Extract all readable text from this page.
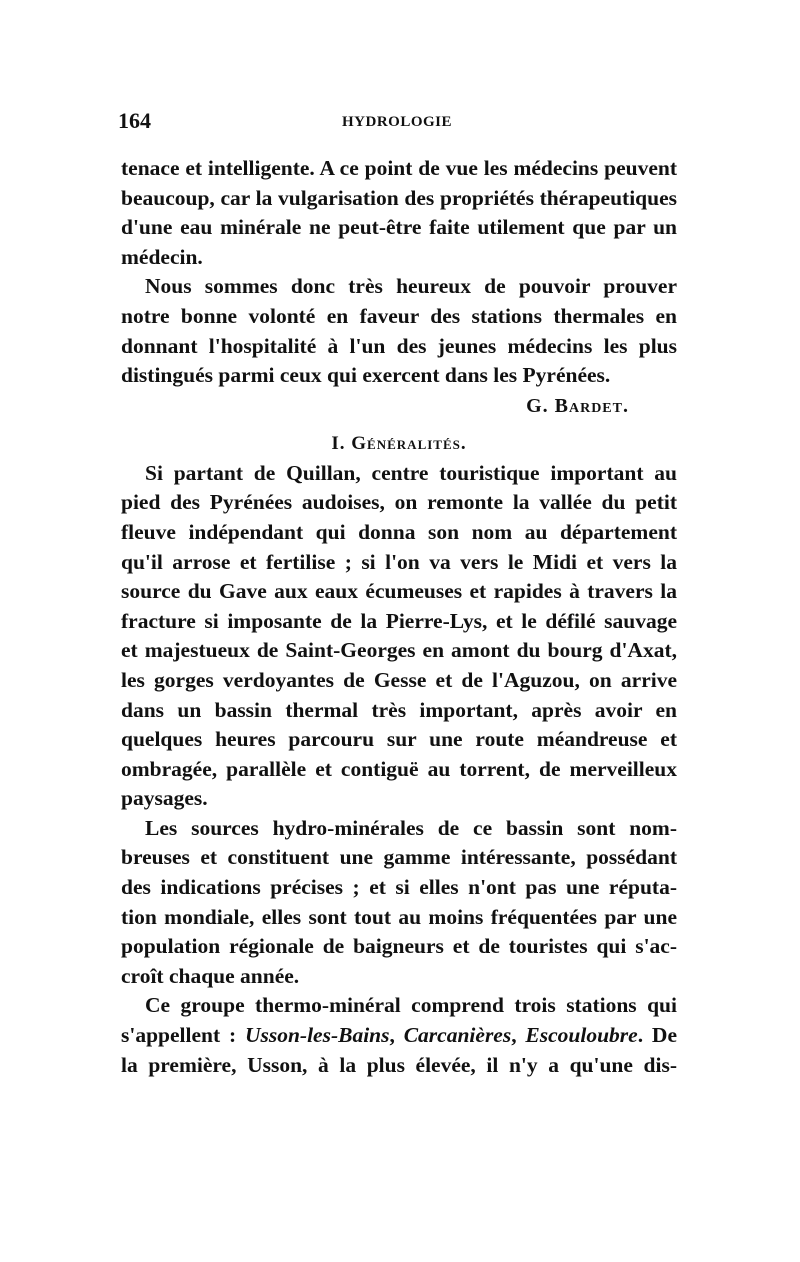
164	HYDROLOGIE
tenace et intelligente. A ce point de vue les médecins peuvent
beaucoup, car la vulgarisation des propriétés thérapeutiques
d'une eau minérale ne peut-être faite utilement que par un
médecin.
Nous sommes donc très heureux de pouvoir prouver
notre bonne volonté en faveur des stations thermales en
donnant l'hospitalité à l'un des jeunes médecins les plus
distingués parmi ceux qui exercent dans les Pyrénées.
G. Bardet.
I. Généralités.
Si partant de Quillan, centre touristique important au
pied des Pyrénées audoises, on remonte la vallée du petit
fleuve indépendant qui donna son nom au département
qu'il arrose et fertilise ; si l'on va vers le Midi et vers la
source du Gave aux eaux écumeuses et rapides à travers la
fracture si imposante de la Pierre-Lys, et le défilé sauvage
et majestueux de Saint-Georges en amont du bourg d'Axat,
les gorges verdoyantes de Gesse et de l'Aguzou, on arrive
dans un bassin thermal très important, après avoir en
quelques heures parcouru sur une route méandreuse et
ombragée, parallèle et contiguë au torrent, de merveilleux
paysages.
Les sources hydro-minérales de ce bassin sont nom-
breuses et constituent une gamme intéressante, possédant
des indications précises ; et si elles n'ont pas une réputa-
tion mondiale, elles sont tout au moins fréquentées par une
population régionale de baigneurs et de touristes qui s'ac-
croît chaque année.
Ce groupe thermo-minéral comprend trois stations qui
s'appellent : Usson-les-Bains, Carcanières, Escouloubre. De
la première, Usson, à la plus élevée, il n'y a qu'une dis-
